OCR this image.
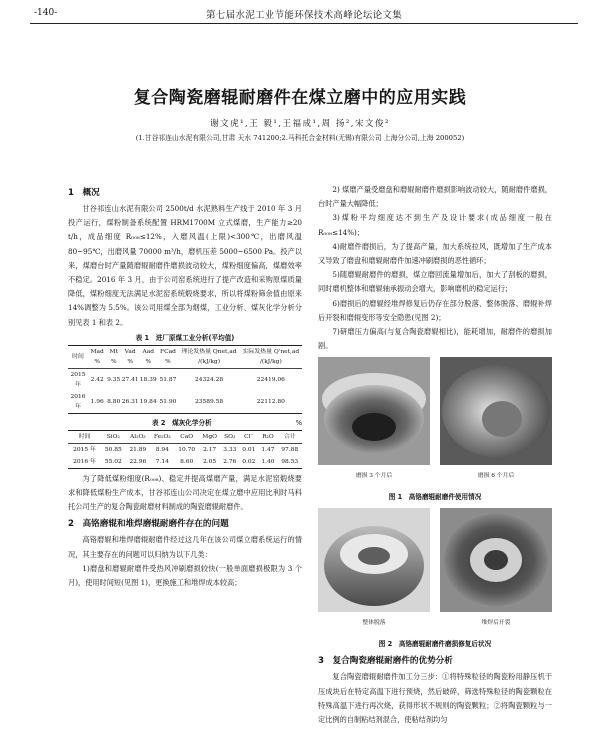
-140-	第七届水泥工业节能环保技术高峰论坛论文集
复合陶瓷磨辊耐磨件在煤立磨中的应用实践
谢文虎¹,王 毅¹,王福成¹,周 扬²,宋文俊²
(1.甘谷祁连山水泥有限公司,甘肃 天水 741200;2.马科托合金材料(无锡)有限公司 上海分公司,上海 200052)
1　概况

甘谷祁连山水泥有限公司 2500t/d 水泥熟料生产线于 2010 年 3 月投产运行，煤粉制备系统配置 HRM1700M 立式煤磨，生产能力≥20 t/h，成品细度 R₀₀₈≤12%，入磨风温(上限)<300℃，出磨风温 80~95℃，出磨风量 70000 m³/h，磨机压差 5000~6500 Pa。投产以来，煤磨台时产量随磨辊耐磨件磨损波动较大，煤粉细度偏高，煤磨效率不稳定。2016 年 3 月，由于公司窑系统进行了提产改造和采购原煤质量降低，煤粉细度无法满足水泥窑系统煅烧要求，所以将煤粉筛余值由原来 14%调整为 5.5%。该公司用煤全部为烟煤，工业分析、煤灰化学分析分别见表 1 和表 2。

表 1　进厂原煤工业分析(平均值)
时间	Mad %	Mt %	Vad %	Aad %	FCad %	理论发热量 Qnet,ad /(kJ/kg)	实际发热量 Q'net,ad /(kJ/kg)
2015 年	2.42	9.35	27.41	18.39	51.87	24324.28	22419.06
2016 年	1.96	8.80	26.31	19.84	51.90	23589.58	22112.80
表 2　煤灰化学分析	%
时间	SiO₂	Al₂O₃	Fe₂O₃	CaO	MgO	SO₃	Cl⁻	R₂O	合计
2015 年	50.85	21.89	8.94	10.70	2.17	3.33	0.01	1.47	97.88
2016 年	55.02	22.96	7.14	8.60	2.05	2.76	0.02	1.40	98.53

为了降低煤粉细度(R₀₀₈)、稳定并提高煤磨产量，满足水泥窑煅烧要求和降低煤粉生产成本，甘谷祁连山公司决定在煤立磨中应用比利时马科托公司生产的复合陶瓷耐磨材料制成的陶瓷磨辊耐磨件。

2　高铬磨辊和堆焊磨辊耐磨件存在的问题

高铬磨辊和堆焊磨辊耐磨件经过这几年在该公司煤立磨系统运行的情况，其主要存在的问题可以归纳为以下几类：

1)磨盘和磨辊耐磨件受热风冲刷磨损较快(一般单面磨损极限为 3 个月)，使用时间短(见图 1)，更换施工和堆焊成本较高；

2) 煤磨产量受磨盘和磨辊耐磨件磨损影响波动较大，随耐磨件磨损，台时产量大幅降低；

3)煤粉平均细度达不到生产及设计要求(成品细度一般在 R₀₀₈≤14%)；

4)耐磨件磨损后，为了提高产量，加大系统拉风，既增加了生产成本又导致了磨盘和磨辊耐磨件加速冲刷磨损的恶性循环；

5)随磨辊耐磨件的磨损，煤立磨回流量增加后，加大了刮板的磨损，同时磨机整体和磨辊轴承振动会增大，影响磨机的稳定运行；

6)磨损后的磨辊经堆焊修复后仍存在部分脱落、整体脱落、磨辊补焊后开裂和磨辊变形等安全隐患(见图 2)；

7)研磨压力偏高(与复合陶瓷磨辊相比)，能耗增加，耐磨件的磨损加剧。

磨损 3 个月后	磨损 6 个月后
图 1　高铬磨辊耐磨件使用情况
整体脱落	堆焊后开裂
图 2　高铬磨辊耐磨件磨损修复后状况
3　复合陶瓷磨辊耐磨件的优势分析

复合陶瓷磨辊耐磨件加工分三步：①将特殊粒径的陶瓷粉用静压机干压成块后在特定高温下进行预烧，然后破碎，筛选特殊粒径的陶瓷颗粒在特殊高温下进行再次烧，获得形状不规则的陶瓷颗粒；②将陶瓷颗粒与一定比例的自制粘结剂混合，使粘结剂均匀
